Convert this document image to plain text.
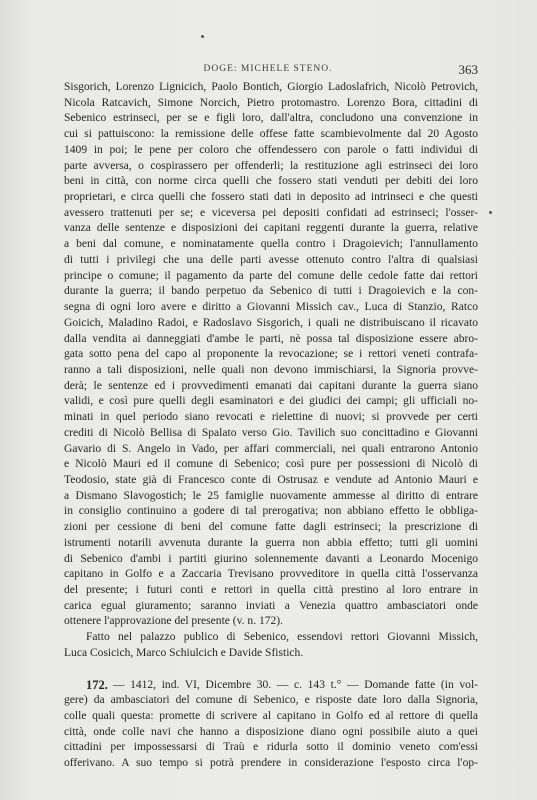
DOGE: MICHELE STENO.	363
Sisgorich, Lorenzo Lignicich, Paolo Bontich, Giorgio Ladoslafrich, Nicolò Petrovich,
Nicola Ratcavich, Simone Norcich, Pietro protomastro. Lorenzo Bora, cittadini di
Sebenico estrinseci, per se e figli loro, dall'altra, concludono una convenzione in
cui si pattuiscono: la remissione delle offese fatte scambievolmente dal 20 Agosto
1409 in poi; le pene per coloro che offendessero con parole o fatti individui di
parte avversa, o cospirassero per offenderli; la restituzione agli estrinseci dei loro
beni in città, con norme circa quelli che fossero stati venduti per debiti dei loro
proprietari, e circa quelli che fossero stati dati in deposito ad intrinseci e che questi
avessero trattenuti per se; e viceversa pei depositi confidati ad estrinseci; l'osser-
vanza delle sentenze e disposizioni dei capitani reggenti durante la guerra, relative
a beni dal comune, e nominatamente quella contro i Dragoievich; l'annullamento
di tutti i privilegi che una delle parti avesse ottenuto contro l'altra di qualsiasi
principe o comune; il pagamento da parte del comune delle cedole fatte dai rettori
durante la guerra; il bando perpetuo da Sebenico di tutti i Dragoievich e la con-
segna di ogni loro avere e diritto a Giovanni Missich cav., Luca di Stanzio, Ratco
Goicich, Maladino Radoi, e Radoslavo Sisgorich, i quali ne distribuiscano il ricavato
dalla vendita ai danneggiati d'ambe le parti, nè possa tal disposizione essere abro-
gata sotto pena del capo al proponente la revocazione; se i rettori veneti contrafa-
ranno a tali disposizioni, nelle quali non devono immischiarsi, la Signoria provve-
derà; le sentenze ed i provvedimenti emanati dai capitani durante la guerra siano
validi, e così pure quelli degli esaminatori e dei giudici dei campi; gli ufficiali no-
minati in quel periodo siano revocati e rielettine di nuovi; si provvede per certi
crediti di Nicolò Bellisa di Spalato verso Gio. Tavilich suo concittadino e Giovanni
Gavario di S. Angelo in Vado, per affari commerciali, nei quali entrarono Antonio
e Nicolò Mauri ed il comune di Sebenico; così pure per possessioni di Nicolò di
Teodosio, state già di Francesco conte di Ostrusaz e vendute ad Antonio Mauri e
a Dismano Slavogostich; le 25 famiglie nuovamente ammesse al diritto di entrare
in consiglio continuino a godere di tal prerogativa; non abbiano effetto le obbliga-
zioni per cessione di beni del comune fatte dagli estrinseci; la prescrizione di
istrumenti notarili avvenuta durante la guerra non abbia effetto; tutti gli uomini
di Sebenico d'ambi i partiti giurino solennemente davanti a Leonardo Mocenigo
capitano in Golfo e a Zaccaria Trevisano provveditore in quella città l'osservanza
del presente; i futuri conti e rettori in quella città prestino al loro entrare in
carica egual giuramento; saranno inviati a Venezia quattro ambasciatori onde
ottenere l'approvazione del presente (v. n. 172).
Fatto nel palazzo publico di Sebenico, essendovi rettori Giovanni Missich,
Luca Cosicich, Marco Schiulcich e Davide Sfistich.
172. — 1412, ind. VI, Dicembre 30. — c. 143 t.° — Domande fatte (in vol-
gere) da ambasciatori del comune di Sebenico, e risposte date loro dalla Signoria,
colle quali questa: promette di scrivere al capitano in Golfo ed al rettore di quella
città, onde colle navi che hanno a disposizione diano ogni possibile aiuto a quei
cittadini per impossessarsi di Traù e ridurla sotto il dominio veneto com'essi
offerivano. A suo tempo si potrà prendere in considerazione l'esposto circa l'op-
